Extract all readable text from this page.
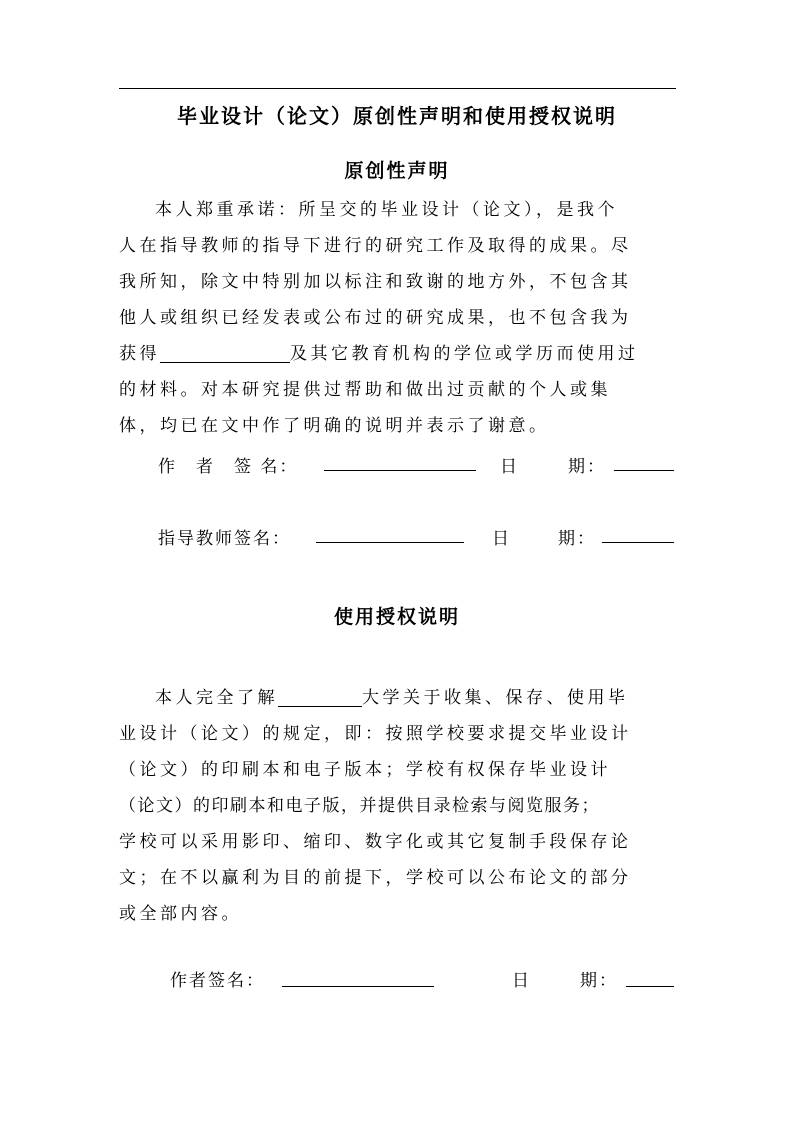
毕业设计（论文）原创性声明和使用授权说明
原创性声明
本人郑重承诺：所呈交的毕业设计（论文），是我个
人在指导教师的指导下进行的研究工作及取得的成果。尽
我所知，除文中特别加以标注和致谢的地方外，不包含其
他人或组织已经发表或公布过的研究成果，也不包含我为
获得	及其它教育机构的学位或学历而使用过
的材料。对本研究提供过帮助和做出过贡献的个人或集
体，均已在文中作了明确的说明并表示了谢意。
作　者　签 名：	日	期：
指导教师签名：	日	期：
使用授权说明
本人完全了解	大学关于收集、保存、使用毕
业设计（论文）的规定，即：按照学校要求提交毕业设计
（论文）的印刷本和电子版本；学校有权保存毕业设计
（论文）的印刷本和电子版，并提供目录检索与阅览服务；
学校可以采用影印、缩印、数字化或其它复制手段保存论
文；在不以赢利为目的前提下，学校可以公布论文的部分
或全部内容。
作者签名：	日	期：
